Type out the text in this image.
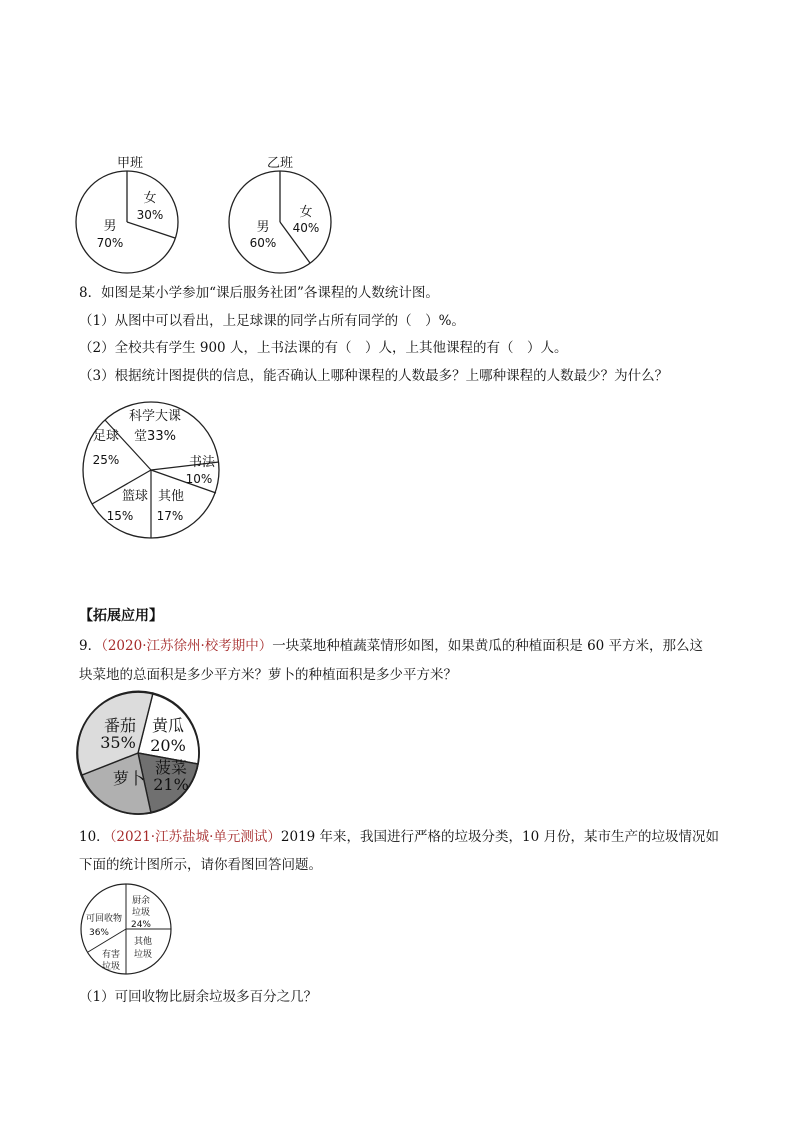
甲班
女
30%
男
70%
乙班
女
40%
男
60%
8．如图是某小学参加“课后服务社团”各课程的人数统计图。
（1）从图中可以看出，上足球课的同学占所有同学的（　）%。
（2）全校共有学生 900 人，上书法课的有（　）人，上其他课程的有（　）人。
（3）根据统计图提供的信息，能否确认上哪种课程的人数最多？上哪种课程的人数最少？为什么？
科学大课
堂33%
足球
25%	书法
10%
篮球
15%
其他
17%
【拓展应用】
9．（2020·江苏徐州·校考期中）一块菜地种植蔬菜情形如图，如果黄瓜的种植面积是 60 平方米，那么这
块菜地的总面积是多少平方米？萝卜的种植面积是多少平方米？
番茄
35%
黄瓜
20%
萝卜
菠菜
21%
10．（2021·江苏盐城·单元测试）2019 年来，我国进行严格的垃圾分类，10 月份，某市生产的垃圾情况如
下面的统计图所示，请你看图回答问题。
可回收物
36%
厨余
垃圾
24%
其他
垃圾
有害
垃圾
（1）可回收物比厨余垃圾多百分之几？
